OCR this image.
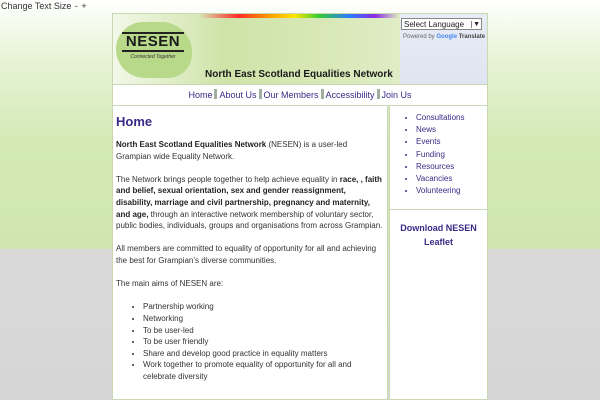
Change Text Size - +
NESEN
Connected Together
North East Scotland Equalities Network
Select Language ▼
Powered by Google Translate
Home About Us Our Members Accessibility Join Us
Home

North East Scotland Equalities Network (NESEN) is a user-led Grampian wide Equality Network.

The Network brings people together to help achieve equality in race, , faith and belief, sexual orientation, sex and gender reassignment, disability, marriage and civil partnership, pregnancy and maternity, and age, through an interactive network membership of voluntary sector, public bodies, individuals, groups and organisations from across Grampian.

All members are committed to equality of opportunity for all and achieving the best for Grampian’s diverse communities.

The main aims of NESEN are:

• Partnership working
• Networking
• To be user-led
• To be user friendly
• Share and develop good practice in equality matters
• Work together to promote equality of opportunity for all and celebrate diversity
• Consultations
• News
• Events
• Funding
• Resources
• Vacancies
• Volunteering
Download NESEN Leaflet
